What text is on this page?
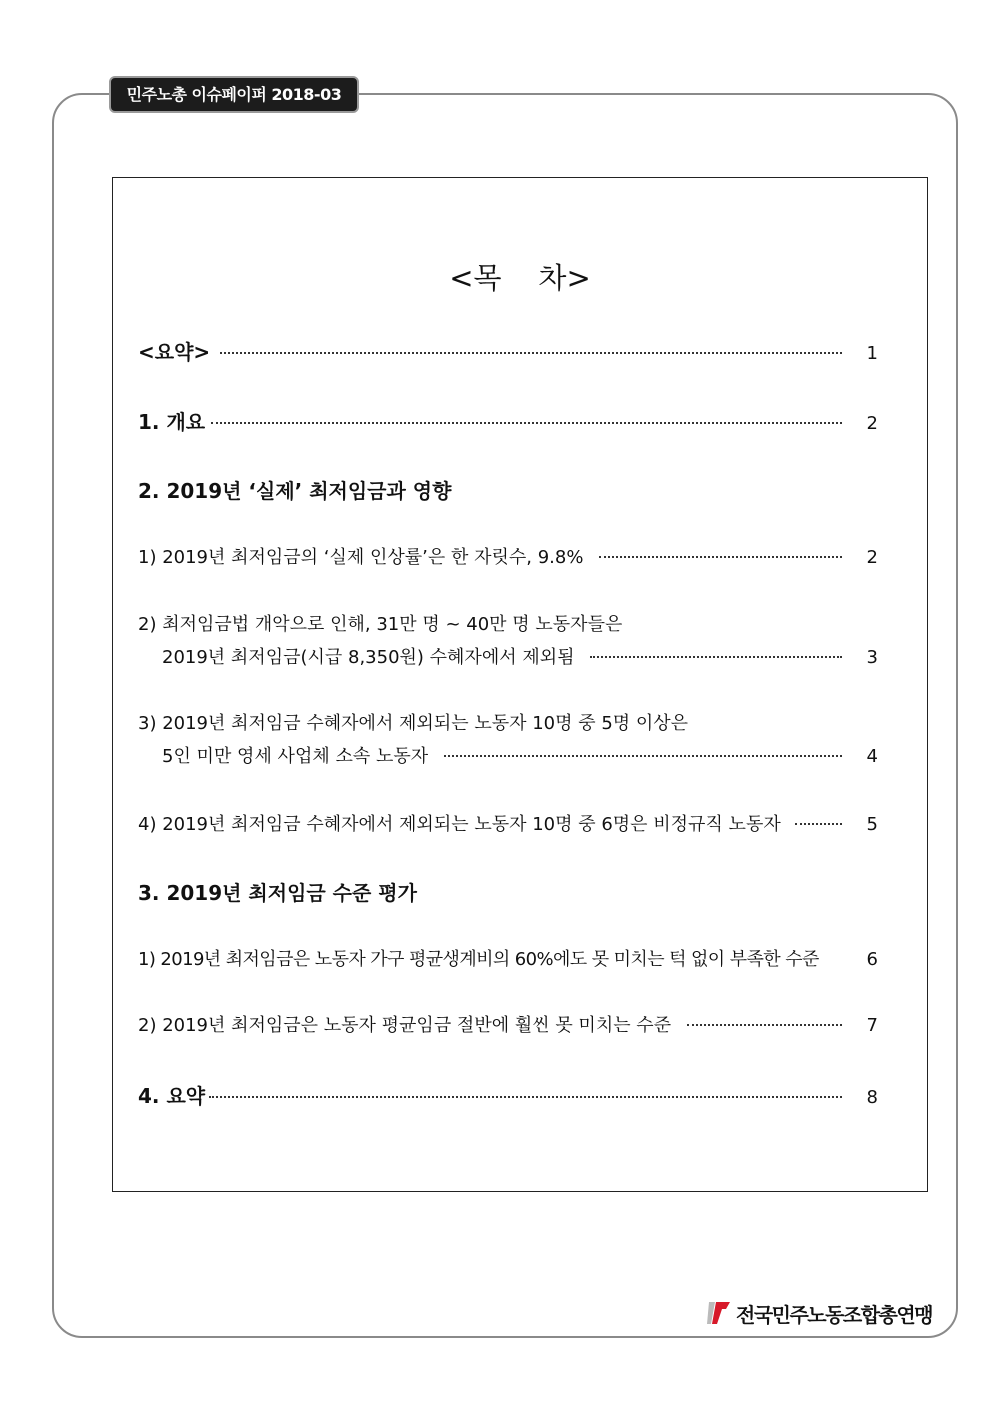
민주노총 이슈페이퍼 2018-03
<목    차>
<요약>	1
1. 개요	2
2. 2019년 ‘실제’ 최저임금과 영향
1) 2019년 최저임금의 ‘실제 인상률’은 한 자릿수, 9.8%	2
2) 최저임금법 개악으로 인해, 31만 명 ~ 40만 명 노동자들은
2019년 최저임금(시급 8,350원) 수혜자에서 제외됨	3
3) 2019년 최저임금 수혜자에서 제외되는 노동자 10명 중 5명 이상은
5인 미만 영세 사업체 소속 노동자	4
4) 2019년 최저임금 수혜자에서 제외되는 노동자 10명 중 6명은 비정규직 노동자	5
3. 2019년 최저임금 수준 평가
1) 2019년 최저임금은 노동자 가구 평균생계비의 60%에도 못 미치는 턱 없이 부족한 수준	6
2) 2019년 최저임금은 노동자 평균임금 절반에 훨씬 못 미치는 수준	7
4. 요약	8
전국민주노동조합총연맹
